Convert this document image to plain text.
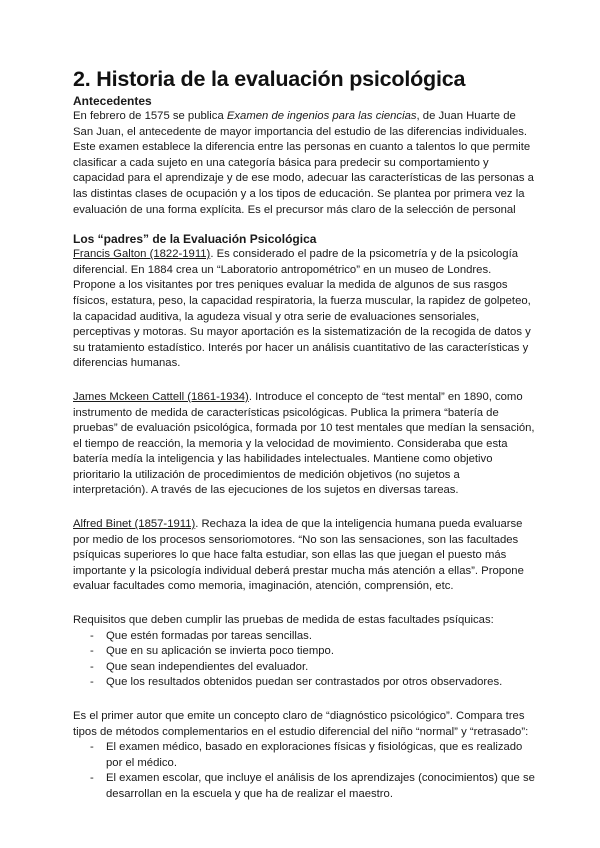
2. Historia de la evaluación psicológica
Antecedentes

En febrero de 1575 se publica Examen de ingenios para las ciencias, de Juan Huarte de San Juan, el antecedente de mayor importancia del estudio de las diferencias individuales. Este examen establece la diferencia entre las personas en cuanto a talentos lo que permite clasificar a cada sujeto en una categoría básica para predecir su comportamiento y capacidad para el aprendizaje y de ese modo, adecuar las características de las personas a las distintas clases de ocupación y a los tipos de educación. Se plantea por primera vez la evaluación de una forma explícita. Es el precursor más claro de la selección de personal

Los “padres” de la Evaluación Psicológica

Francis Galton (1822-1911). Es considerado el padre de la psicometría y de la psicología diferencial. En 1884 crea un “Laboratorio antropométrico” en un museo de Londres. Propone a los visitantes por tres peniques evaluar la medida de algunos de sus rasgos físicos, estatura, peso, la capacidad respiratoria, la fuerza muscular, la rapidez de golpeteo, la capacidad auditiva, la agudeza visual y otra serie de evaluaciones sensoriales, perceptivas y motoras. Su mayor aportación es la sistematización de la recogida de datos y su tratamiento estadístico. Interés por hacer un análisis cuantitativo de las características y diferencias humanas.

James Mckeen Cattell (1861-1934). Introduce el concepto de “test mental” en 1890, como instrumento de medida de características psicológicas. Publica la primera “batería de pruebas” de evaluación psicológica, formada por 10 test mentales que medían la sensación, el tiempo de reacción, la memoria y la velocidad de movimiento. Consideraba que esta batería medía la inteligencia y las habilidades intelectuales. Mantiene como objetivo prioritario la utilización de procedimientos de medición objetivos (no sujetos a interpretación). A través de las ejecuciones de los sujetos en diversas tareas.

Alfred Binet (1857-1911). Rechaza la idea de que la inteligencia humana pueda evaluarse por medio de los procesos sensoriomotores. “No son las sensaciones, son las facultades psíquicas superiores lo que hace falta estudiar, son ellas las que juegan el puesto más importante y la psicología individual deberá prestar mucha más atención a ellas”. Propone evaluar facultades como memoria, imaginación, atención, comprensión, etc.

Requisitos que deben cumplir las pruebas de medida de estas facultades psíquicas:

- Que estén formadas por tareas sencillas.
- Que en su aplicación se invierta poco tiempo.
- Que sean independientes del evaluador.
- Que los resultados obtenidos puedan ser contrastados por otros observadores.

Es el primer autor que emite un concepto claro de “diagnóstico psicológico”. Compara tres tipos de métodos complementarios en el estudio diferencial del niño “normal” y “retrasado”:

- El examen médico, basado en exploraciones físicas y fisiológicas, que es realizado por el médico.
- El examen escolar, que incluye el análisis de los aprendizajes (conocimientos) que se desarrollan en la escuela y que ha de realizar el maestro.
